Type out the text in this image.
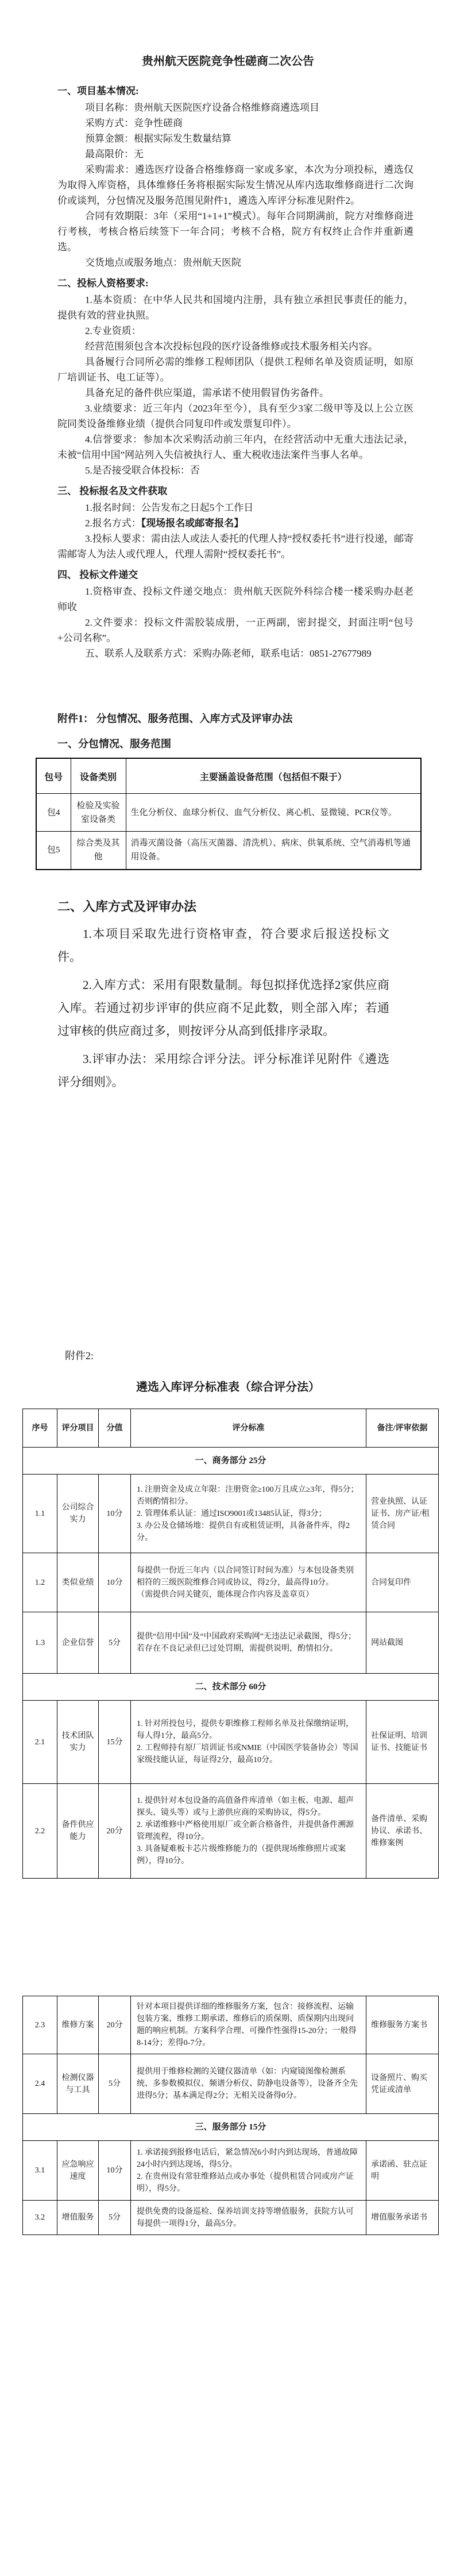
贵州航天医院竞争性磋商二次公告
一、项目基本情况:

项目名称：贵州航天医院医疗设备合格维修商遴选项目

采购方式：竞争性磋商

预算金额：根据实际发生数量结算

最高限价：无

采购需求：遴选医疗设备合格维修商一家或多家，本次为分项投标，遴选仅为取得入库资格，具体维修任务将根据实际发生情况从库内选取维修商进行二次询价或谈判，分包情况及服务范围见附件1，遴选入库评分标准见附件2。

合同有效期限：3年（采用“1+1+1”模式）。每年合同期满前，院方对维修商进行考核，考核合格后续签下一年合同；考核不合格，院方有权终止合作并重新遴选。

交货地点或服务地点：贵州航天医院

二、投标人资格要求:

1.基本资质：在中华人民共和国境内注册，具有独立承担民事责任的能力，提供有效的营业执照。

2.专业资质：

经营范围须包含本次投标包段的医疗设备维修或技术服务相关内容。

具备履行合同所必需的维修工程师团队（提供工程师名单及资质证明，如原厂培训证书、电工证等）。

具备充足的备件供应渠道，需承诺不使用假冒伪劣备件。

3.业绩要求：近三年内（2023年至今），具有至少3家二级甲等及以上公立医院同类设备维修业绩（提供合同复印件或发票复印件）。

4.信誉要求：参加本次采购活动前三年内，在经营活动中无重大违法记录，未被“信用中国”网站列入失信被执行人、重大税收违法案件当事人名单。

5.是否接受联合体投标：否

三、 投标报名及文件获取

1.报名时间：公告发布之日起5个工作日

2.报名方式：【现场报名或邮寄报名】

3.投标人要求：需由法人或法人委托的代理人持“授权委托书”进行投递，邮寄需邮寄人为法人或代理人，代理人需附“授权委托书”。

四、 投标文件递交

1.资格审查、投标文件递交地点：贵州航天医院外科综合楼一楼采购办赵老师收

2.文件要求：投标文件需胶装成册，一正两副，密封提交，封面注明“包号+公司名称”。

五、联系人及联系方式：采购办陈老师，联系电话：0851-27677989

附件1： 分包情况、服务范围、入库方式及评审办法
一、分包情况、服务范围
包号	设备类别	主要涵盖设备范围（包括但不限于）
包4	检验及实验室设备类	生化分析仪、血球分析仪、血气分析仪、离心机、显微镜、PCR仪等。
包5	综合类及其他	消毒灭菌设备（高压灭菌器、清洗机）、病床、供氧系统、空气消毒机等通用设备。
二、入库方式及评审办法

1.本项目采取先进行资格审查，符合要求后报送投标文件。

2.入库方式：采用有限数量制。每包拟择优选择2家供应商入库。若通过初步评审的供应商不足此数，则全部入库；若通过审核的供应商过多，则按评分从高到低排序录取。

3.评审办法：采用综合评分法。评分标准详见附件《遴选评分细则》。

附件2:
遴选入库评分标准表（综合评分法）
序号	评分项目	分值	评分标准	备注/评审依据
一、商务部分 25分				
1.1	公司综合实力	10分	1. 注册资金及成立年限：注册资金≥100万且成立≥3年，得5分；否则酌情扣分。
2. 管理体系认证：通过ISO9001或13485认证，得3分；
3. 办公及仓储场地：提供自有或租赁证明，具备备件库，得2分。	营业执照、认证证书、房产证/租赁合同
1.2	类似业绩	10分	每提供一份近三年内（以合同签订时间为准）与本包设备类别相符的三级医院维修合同或协议，得2分，最高得10分。
（需提供合同关键页，能体现合作内容及盖章页）	合同复印件
1.3	企业信誉	5分	提供“信用中国”及“中国政府采购网”无违法记录截图，得5分；若存在不良记录但已过处罚期，需提供说明，酌情扣分。	网站截图
二、技术部分 60分				
2.1	技术团队实力	15分	1. 针对所投包号，提供专职维修工程师名单及社保缴纳证明，每人得1分，最高5分。
2. 工程师持有原厂培训证书或NMIE（中国医学装备协会）等国家级技能认证，每证得2分，最高10分。	社保证明、培训证书、技能证书
2.2	备件供应能力	20分	1. 提供针对本包设备的高值备件库清单（如主板、电源、超声探头、镜头等）或与上游供应商的采购协议，得5分。
2. 承诺维修中严格使用原厂或全新合格备件，并提供备件溯源管理流程，得10分。
3. 具备疑难板卡芯片级维修能力的（提供现场维修照片或案例），得10分。	备件清单、采购协议、承诺书、维修案例
2.3	维修方案	20分	针对本项目提供详细的维修服务方案，包含：接修流程、运输包装方案、维修工期承诺、维修后的质保期、质保期内出现问题的响应机制。方案科学合理、可操作性强得15-20分；一般得8-14分；差得0-7分。	维修服务方案书
2.4	检测仪器与工具	5分	提供用于维修检测的关键仪器清单（如：内窥镜图像检测系统、多参数模拟仪、频谱分析仪、防静电设备等），设备齐全先进得5分；基本满足得2分；无相关设备得0分。	设备照片、购买凭证或清单
三、服务部分 15分				
3.1	应急响应速度	10分	1. 承诺接到报修电话后，紧急情况6小时内到达现场，普通故障24小时内到达现场，得5分。
2. 在贵州设有常驻维修站点或办事处（提供租赁合同或房产证明），得5分。	承诺函、驻点证明
3.2	增值服务	5分	提供免费的设备巡检、保养培训支持等增值服务，获院方认可每提供一项得1分，最高5分。	增值服务承诺书
